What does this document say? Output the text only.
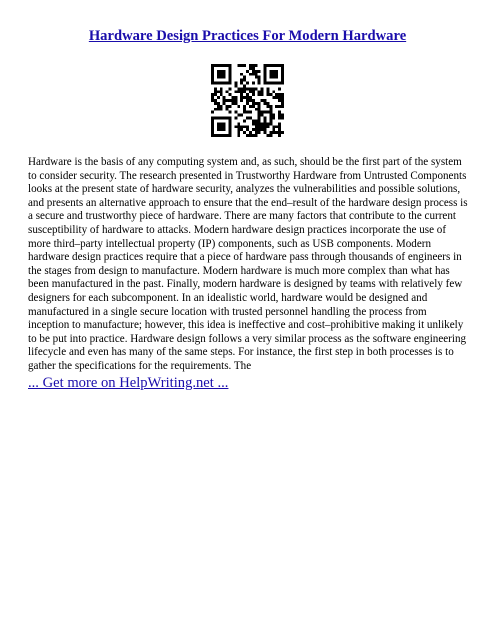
Hardware Design Practices For Modern Hardware

Hardware is the basis of any computing system and, as such, should be the first part of the system to consider security. The research presented in Trustworthy Hardware from Untrusted Components looks at the present state of hardware security, analyzes the vulnerabilities and possible solutions, and presents an alternative approach to ensure that the end–result of the hardware design process is a secure and trustworthy piece of hardware. There are many factors that contribute to the current susceptibility of hardware to attacks. Modern hardware design practices incorporate the use of more third–party intellectual property (IP) components, such as USB components. Modern hardware design practices require that a piece of hardware pass through thousands of engineers in the stages from design to manufacture. Modern hardware is much more complex than what has been manufactured in the past. Finally, modern hardware is designed by teams with relatively few designers for each subcomponent. In an idealistic world, hardware would be designed and manufactured in a single secure location with trusted personnel handling the process from inception to manufacture; however, this idea is ineffective and cost–prohibitive making it unlikely to be put into practice. Hardware design follows a very similar process as the software engineering lifecycle and even has many of the same steps. For instance, the first step in both processes is to gather the specifications for the requirements. The

... Get more on HelpWriting.net ...
